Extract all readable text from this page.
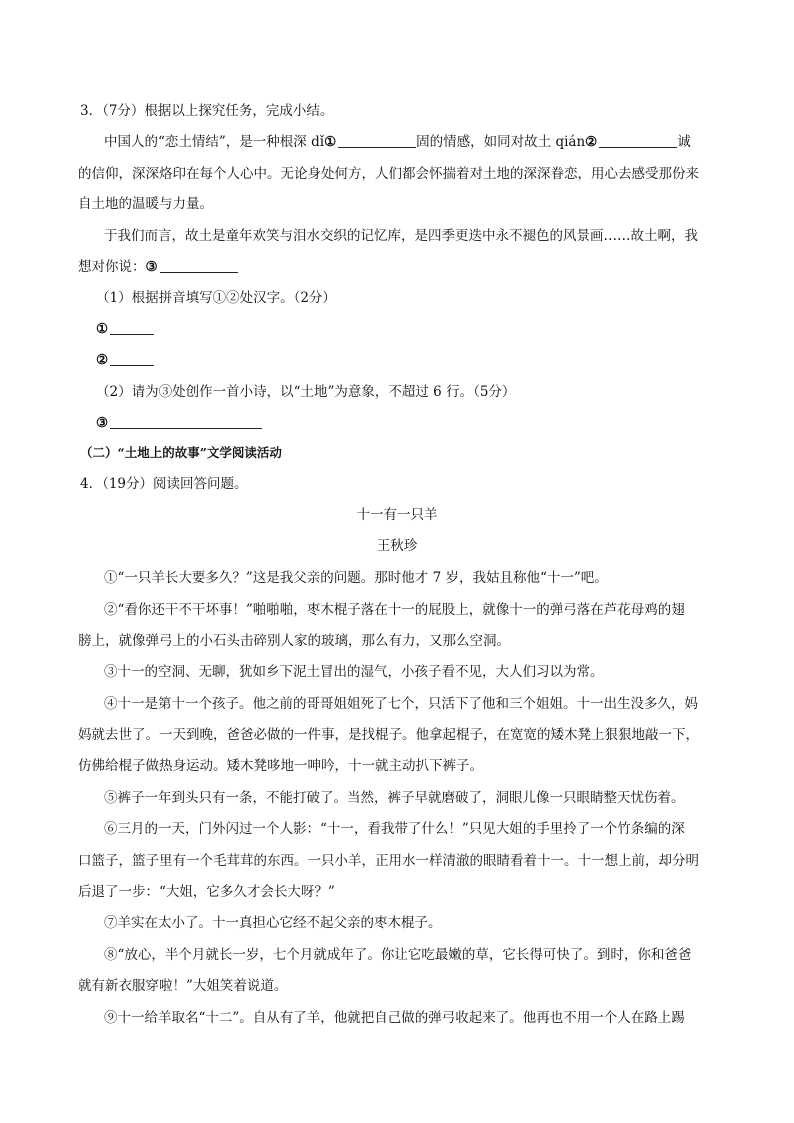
3．（7分）根据以上探究任务，完成小结。
中国人的“恋土情结”，是一种根深 dǐ①	固的情感，如同对故土 qián②	诚
的信仰，深深烙印在每个人心中。无论身处何方，人们都会怀揣着对土地的深深眷恋，用心去感受那份来
自土地的温暖与力量。
于我们而言，故土是童年欢笑与泪水交织的记忆库，是四季更迭中永不褪色的风景画……故土啊，我
想对你说：③
（1）根据拼音填写①②处汉字。（2分）
①
②
（2）请为③处创作一首小诗，以“土地”为意象，不超过 6 行。（5分）
③
（二）“土地上的故事”文学阅读活动
4．（19分）阅读回答问题。
十一有一只羊
王秋珍
①“一只羊长大要多久？”这是我父亲的问题。那时他才 7 岁，我姑且称他“十一”吧。
②“看你还干不干坏事！”啪啪啪，枣木棍子落在十一的屁股上，就像十一的弹弓落在芦花母鸡的翅
膀上，就像弹弓上的小石头击碎别人家的玻璃，那么有力，又那么空洞。
③十一的空洞、无聊，犹如乡下泥土冒出的湿气，小孩子看不见，大人们习以为常。
④十一是第十一个孩子。他之前的哥哥姐姐死了七个，只活下了他和三个姐姐。十一出生没多久，妈
妈就去世了。一天到晚，爸爸必做的一件事，是找棍子。他拿起棍子，在宽宽的矮木凳上狠狠地敲一下，
仿佛给棍子做热身运动。矮木凳哆地一呻吟，十一就主动扒下裤子。
⑤裤子一年到头只有一条，不能打破了。当然，裤子早就磨破了，洞眼儿像一只眼睛整天忧伤着。
⑥三月的一天，门外闪过一个人影：“十一，看我带了什么！”只见大姐的手里拎了一个竹条编的深
口篮子，篮子里有一个毛茸茸的东西。一只小羊，正用水一样清澈的眼睛看着十一。十一想上前，却分明
后退了一步：“大姐，它多久才会长大呀？”
⑦羊实在太小了。十一真担心它经不起父亲的枣木棍子。
⑧“放心，半个月就长一岁，七个月就成年了。你让它吃最嫩的草，它长得可快了。到时，你和爸爸
就有新衣服穿啦！”大姐笑着说道。
⑨十一给羊取名“十二”。自从有了羊，他就把自己做的弹弓收起来了。他再也不用一个人在路上踢
